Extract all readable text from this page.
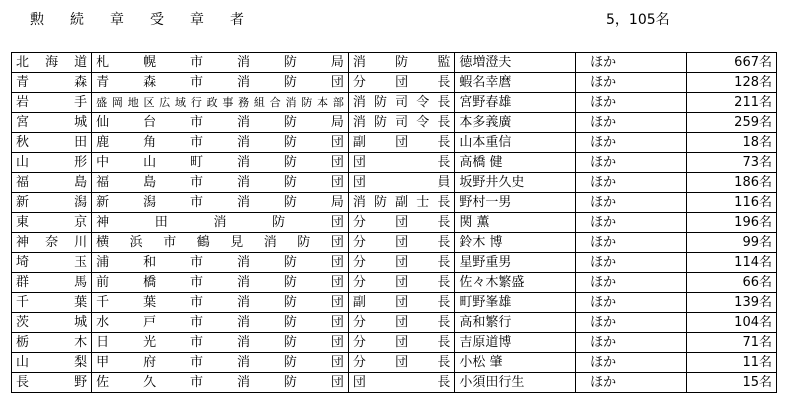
勲続章受章者	5，105名
北海道	札幌市消防局	消防監	徳増澄夫	ほか	667名
青森	青森市消防団	分団長	蝦名幸麿	ほか	128名
岩手	盛岡地区広域行政事務組合消防本部	消防司令長	宮野春雄	ほか	211名
宮城	仙台市消防局	消防司令長	本多義廣	ほか	259名
秋田	鹿角市消防団	副団長	山本重信	ほか	18名
山形	中山町消防団	団長	高橋 健	ほか	73名
福島	福島市消防団	団員	坂野井久史	ほか	186名
新潟	新潟市消防局	消防副士長	野村一男	ほか	116名
東京	神田消防団	分団長	関 薫	ほか	196名
神奈川	横浜市鶴見消防団	分団長	鈴木 博	ほか	99名
埼玉	浦和市消防団	分団長	星野重男	ほか	114名
群馬	前橋市消防団	分団長	佐々木繁盛	ほか	66名
千葉	千葉市消防団	副団長	町野峯雄	ほか	139名
茨城	水戸市消防団	分団長	高和繁行	ほか	104名
栃木	日光市消防団	分団長	吉原道博	ほか	71名
山梨	甲府市消防団	分団長	小松 肇	ほか	11名
長野	佐久市消防団	団長	小須田行生	ほか	15名
